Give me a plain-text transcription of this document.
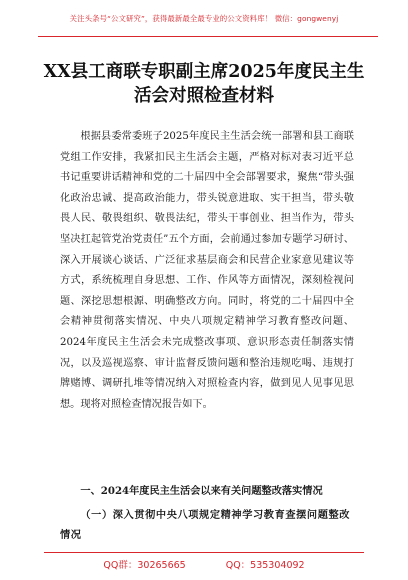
关注头条号“公文研究”，获得最新最全最专业的公文资料库！ 微信：gongwenyj
XX县工商联专职副主席2025年度民主生活会对照检查材料

根据县委常委班子2025年度民主生活会统一部署和县工商联党组工作安排，我紧扣民主生活会主题，严格对标对表习近平总书记重要讲话精神和党的二十届四中全会部署要求，聚焦“带头强化政治忠诚、提高政治能力，带头锐意进取、实干担当，带头敬畏人民、敬畏组织、敬畏法纪，带头干事创业、担当作为，带头坚决扛起管党治党责任”五个方面，会前通过参加专题学习研讨、深入开展谈心谈话、广泛征求基层商会和民营企业家意见建议等方式，系统梳理自身思想、工作、作风等方面情况，深刻检视问题、深挖思想根源、明确整改方向。同时，将党的二十届四中全会精神贯彻落实情况、中央八项规定精神学习教育整改问题、2024年度民主生活会未完成整改事项、意识形态责任制落实情况，以及巡视巡察、审计监督反馈问题和整治违规吃喝、违规打牌赌博、调研扎堆等情况纳入对照检查内容，做到见人见事见思想。现将对照检查情况报告如下。

一、2024年度民主生活会以来有关问题整改落实情况

（一）深入贯彻中央八项规定精神学习教育查摆问题整改情况

QQ群：30265665	QQ：535304092
